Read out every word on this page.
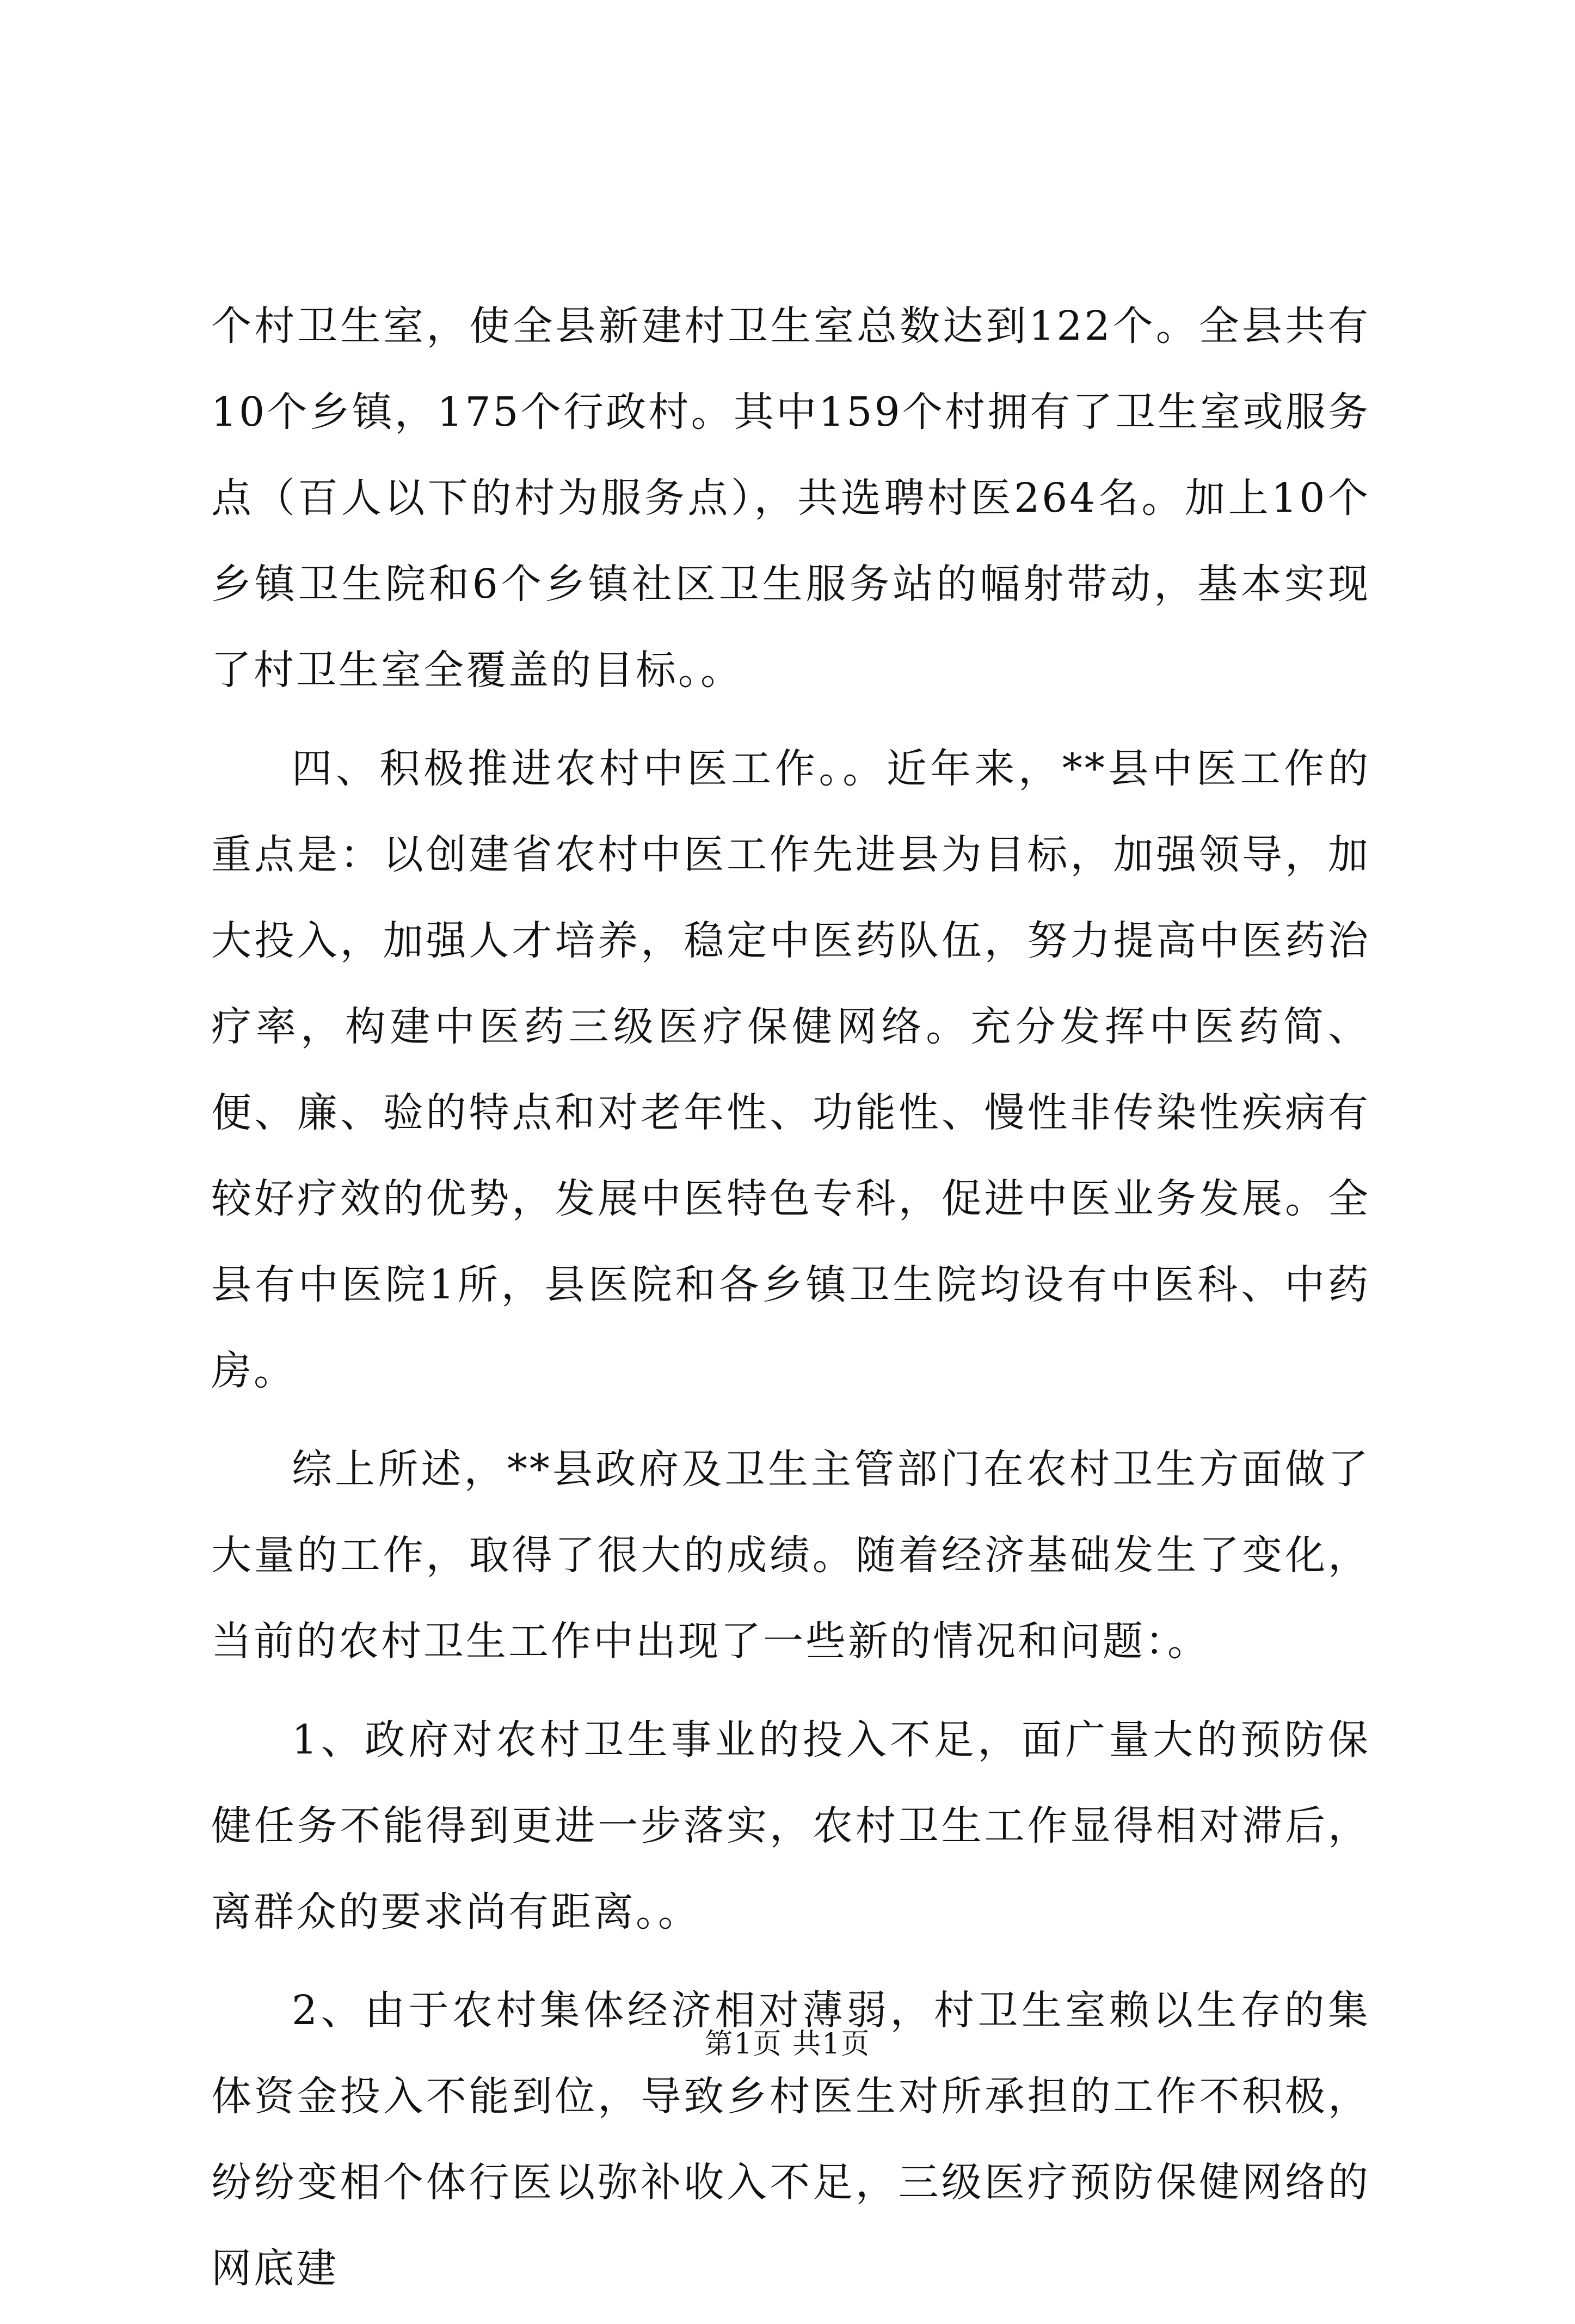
个村卫生室，使全县新建村卫生室总数达到122个。全县共有10个乡镇，175个行政村。其中159个村拥有了卫生室或服务点（百人以下的村为服务点），共选聘村医264名。加上10个乡镇卫生院和6个乡镇社区卫生服务站的幅射带动，基本实现了村卫生室全覆盖的目标。。

四、积极推进农村中医工作。。近年来，**县中医工作的重点是：以创建省农村中医工作先进县为目标，加强领导，加大投入，加强人才培养，稳定中医药队伍，努力提高中医药治疗率，构建中医药三级医疗保健网络。充分发挥中医药简、便、廉、验的特点和对老年性、功能性、慢性非传染性疾病有较好疗效的优势，发展中医特色专科，促进中医业务发展。全县有中医院1所，县医院和各乡镇卫生院均设有中医科、中药房。

综上所述，**县政府及卫生主管部门在农村卫生方面做了大量的工作，取得了很大的成绩。随着经济基础发生了变化，当前的农村卫生工作中出现了一些新的情况和问题：。

1、政府对农村卫生事业的投入不足，面广量大的预防保健任务不能得到更进一步落实，农村卫生工作显得相对滞后，离群众的要求尚有距离。。

2、由于农村集体经济相对薄弱，村卫生室赖以生存的集体资金投入不能到位，导致乡村医生对所承担的工作不积极，纷纷变相个体行医以弥补收入不足，三级医疗预防保健网络的网底建

第1页 共1页
